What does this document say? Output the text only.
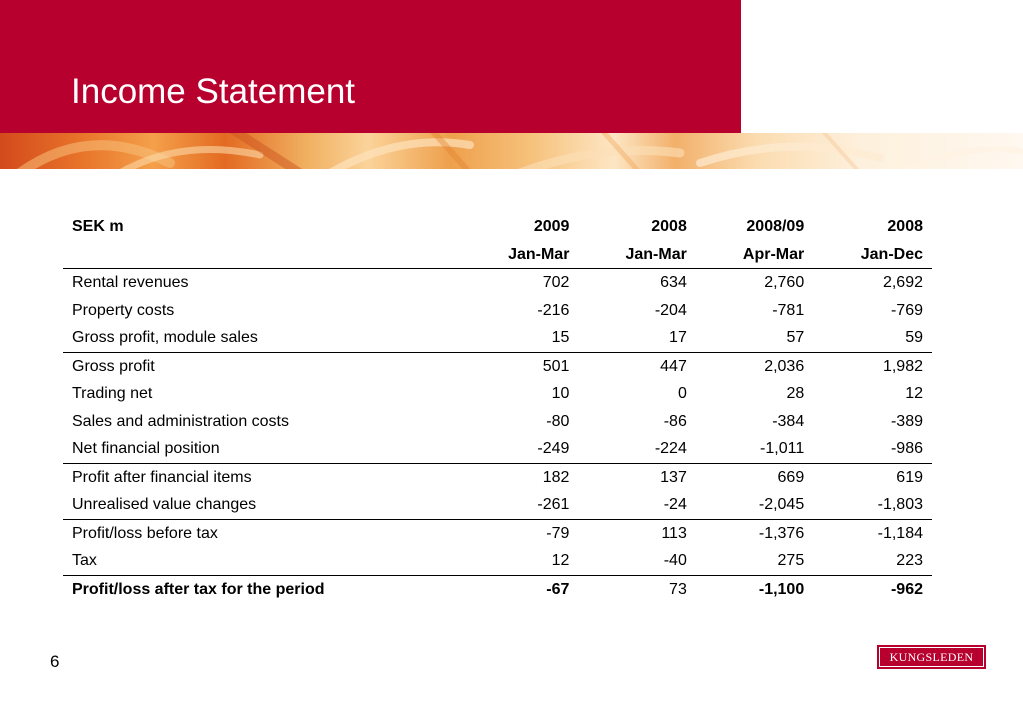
Income Statement
SEK m	2009	2008	2008/09	2008
	Jan-Mar	Jan-Mar	Apr-Mar	Jan-Dec
Rental revenues	702	634	2,760	2,692
Property costs	-216	-204	-781	-769
Gross profit, module sales	15	17	57	59
Gross profit	501	447	2,036	1,982
Trading net	10	0	28	12
Sales and administration costs	-80	-86	-384	-389
Net financial position	-249	-224	-1,011	-986
Profit after financial items	182	137	669	619
Unrealised value changes	-261	-24	-2,045	-1,803
Profit/loss before tax	-79	113	-1,376	-1,184
Tax	12	-40	275	223
Profit/loss after tax for the period	-67	73	-1,100	-962
6	KUNGSLEDEN
